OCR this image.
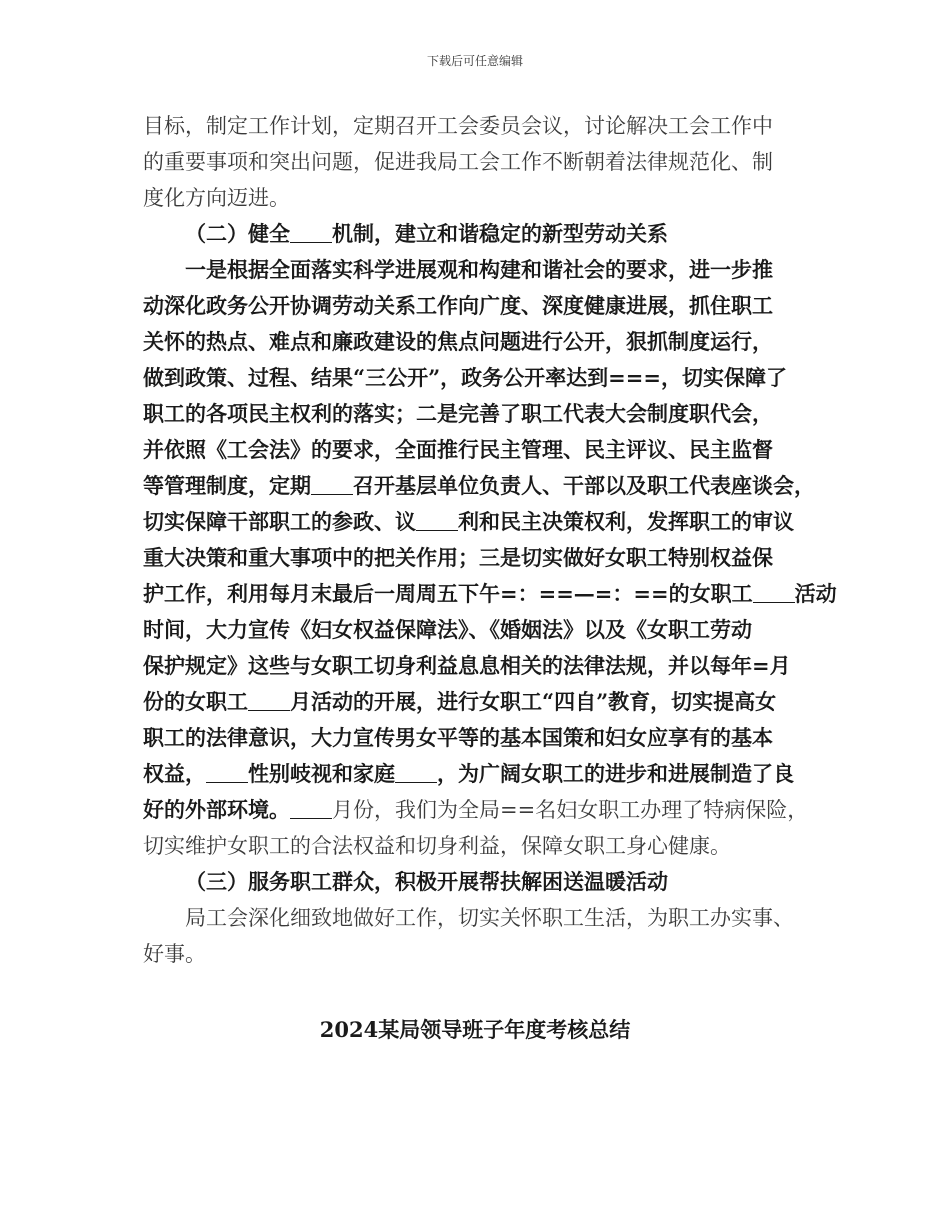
下载后可任意编辑
目标，制定工作计划，定期召开工会委员会议，讨论解决工会工作中
的重要事项和突出问题，促进我局工会工作不断朝着法律规范化、制
度化方向迈进。
（二）健全 机制，建立和谐稳定的新型劳动关系
一是根据全面落实科学进展观和构建和谐社会的要求，进一步推
动深化政务公开协调劳动关系工作向广度、深度健康进展，抓住职工
关怀的热点、难点和廉政建设的焦点问题进行公开，狠抓制度运行，
做到政策、过程、结果“三公开”，政务公开率达到===，切实保障了
职工的各项民主权利的落实；二是完善了职工代表大会制度职代会，
并依照《工会法》的要求，全面推行民主管理、民主评议、民主监督
等管理制度，定期 召开基层单位负责人、干部以及职工代表座谈会，
切实保障干部职工的参政、议 利和民主决策权利，发挥职工的审议
重大决策和重大事项中的把关作用；三是切实做好女职工特别权益保
护工作，利用每月末最后一周周五下午=：==—=：==的女职工 活动
时间，大力宣传《妇女权益保障法》、《婚姻法》以及《女职工劳动
保护规定》这些与女职工切身利益息息相关的法律法规，并以每年=月
份的女职工 月活动的开展，进行女职工“四自”教育，切实提高女
职工的法律意识，大力宣传男女平等的基本国策和妇女应享有的基本
权益， 性别岐视和家庭 ，为广阔女职工的进步和进展制造了良
好的外部环境。 月份，我们为全局==名妇女职工办理了特病保险，
切实维护女职工的合法权益和切身利益，保障女职工身心健康。
（三）服务职工群众，积极开展帮扶解困送温暖活动
局工会深化细致地做好工作，切实关怀职工生活，为职工办实事、
好事。
2024某局领导班子年度考核总结
